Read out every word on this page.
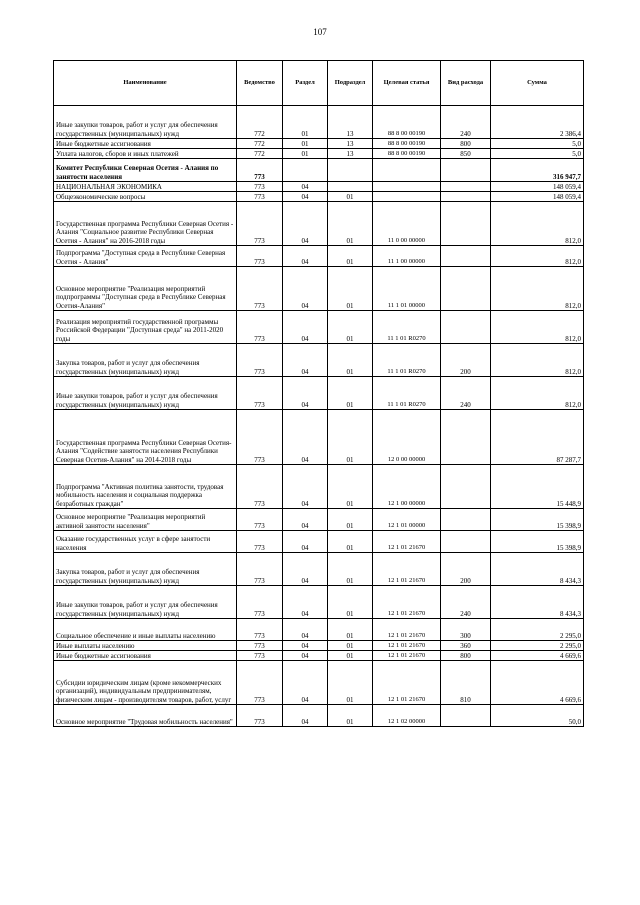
107
Наименование	Ведомство	Раздел	Подраздел	Целевая статья	Вид расхода	Сумма
Иные закупки товаров, работ и услуг для обеспечения государственных (муниципальных) нужд	772	01	13	88 8 00 00190	240	2 386,4
Иные бюджетные ассигнования	772	01	13	88 8 00 00190	800	5,0
Уплата налогов, сборов и иных платежей	772	01	13	88 8 00 00190	850	5,0
Комитет Республики Северная Осетия - Алания по занятости населения	773					316 947,7
НАЦИОНАЛЬНАЯ ЭКОНОМИКА	773	04				148 059,4
Общеэкономические вопросы	773	04	01			148 059,4
Государственная программа Республики Северная Осетия - Алания "Социальное развитие Республики Северная Осетия - Алания" на 2016-2018 годы	773	04	01	11 0 00 00000		812,0
Подпрограмма "Доступная среда в Республике Северная Осетия - Алания"	773	04	01	11 1 00 00000		812,0
Основное мероприятие "Реализация мероприятий подпрограммы "Доступная среда в Республике Северная Осетия-Алания"	773	04	01	11 1 01 00000		812,0
Реализация мероприятий государственной программы Российской Федерации "Доступная среда" на 2011-2020 годы	773	04	01	11 1 01 R0270		812,0
Закупка товаров, работ и услуг для обеспечения государственных (муниципальных) нужд	773	04	01	11 1 01 R0270	200	812,0
Иные закупки товаров, работ и услуг для обеспечения государственных (муниципальных) нужд	773	04	01	11 1 01 R0270	240	812,0
Государственная программа Республики Северная Осетия-Алания "Содействие занятости населения Республики Северная Осетия-Алания" на 2014-2018 годы	773	04	01	12 0 00 00000		87 287,7
Подпрограмма "Активная политика занятости, трудовая мобильность населения и социальная поддержка безработных граждан"	773	04	01	12 1 00 00000		15 448,9
Основное мероприятие "Реализация мероприятий активной занятости населения"	773	04	01	12 1 01 00000		15 398,9
Оказание государственных услуг в сфере занятости населения	773	04	01	12 1 01 21670		15 398,9
Закупка товаров, работ и услуг для обеспечения государственных (муниципальных) нужд	773	04	01	12 1 01 21670	200	8 434,3
Иные закупки товаров, работ и услуг для обеспечения государственных (муниципальных) нужд	773	04	01	12 1 01 21670	240	8 434,3
Социальное обеспечение и иные выплаты населению	773	04	01	12 1 01 21670	300	2 295,0
Иные выплаты населению	773	04	01	12 1 01 21670	360	2 295,0
Иные бюджетные ассигнования	773	04	01	12 1 01 21670	800	4 669,6
Субсидии юридическим лицам (кроме некоммерческих организаций), индивидуальным предпринимателям, физическим лицам - производителям товаров, работ, услуг	773	04	01	12 1 01 21670	810	4 669,6
Основное мероприятие "Трудовая мобильность населения"	773	04	01	12 1 02 00000		50,0
